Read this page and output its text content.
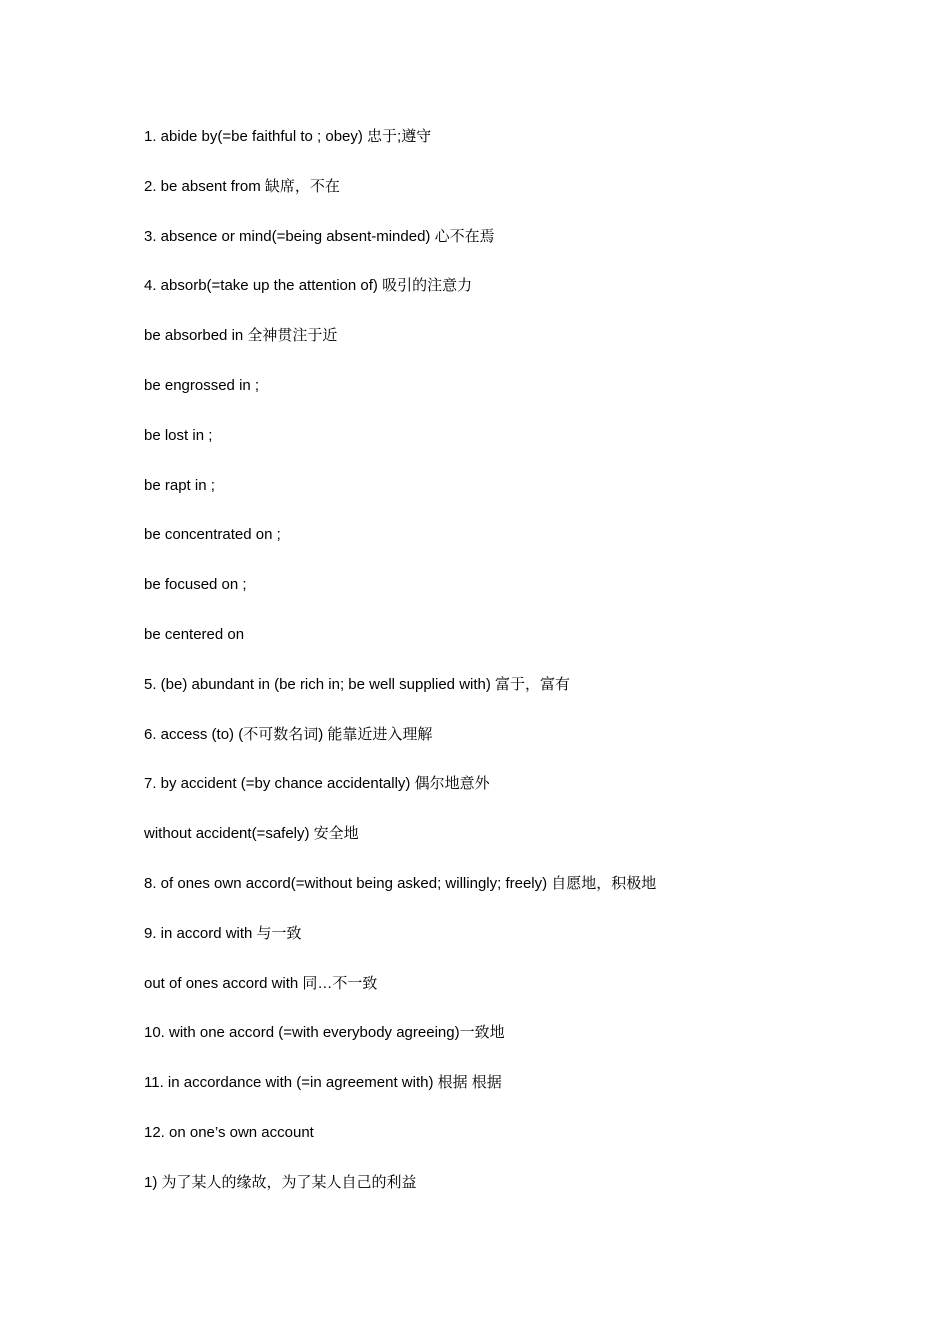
1. abide by(=be faithful to ; obey) 忠于;遵守
2. be absent from 缺席，不在
3. absence or mind(=being absent-minded) 心不在焉
4. absorb(=take up the attention of) 吸引的注意力
be absorbed in 全神贯注于近
be engrossed in ;
be lost in ;
be rapt in ;
be concentrated on ;
be focused on ;
be centered on
5. (be) abundant in (be rich in; be well supplied with) 富于，富有
6. access (to) (不可数名词) 能靠近进入理解
7. by accident (=by chance accidentally) 偶尔地意外
without accident(=safely) 安全地
8. of ones own accord(=without being asked; willingly; freely) 自愿地，积极地
9. in accord with 与一致
out of ones accord with 同…不一致
10. with one accord (=with everybody agreeing)一致地
11. in accordance with (=in agreement with) 根据 根据
12. on one’s own account
1) 为了某人的缘故，为了某人自己的利益
